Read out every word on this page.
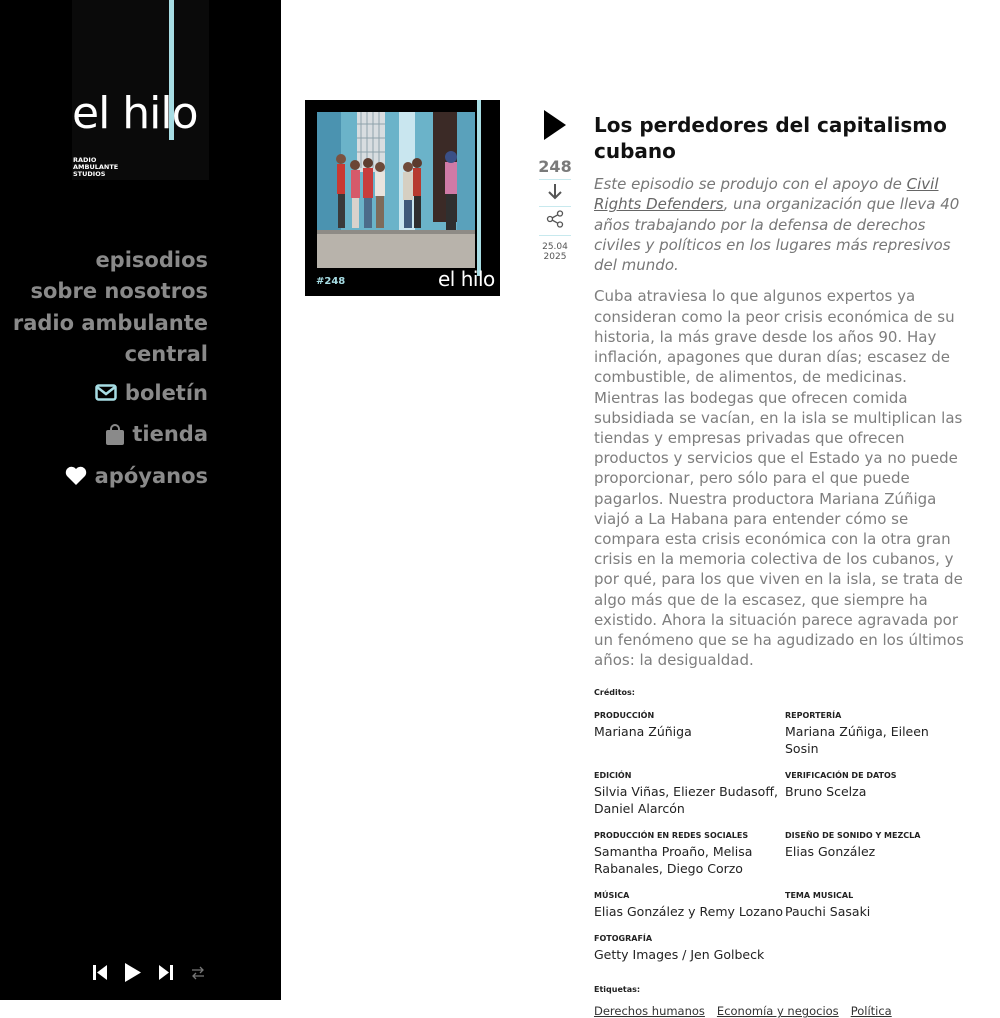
el hilo
RADIO
AMBULANTE
STUDIOS
episodios
sobre nosotros
radio ambulante
central
boletín
tienda
apóyanos
#248	el hilo
248
25.04
2025
Los perdedores del capitalismo cubano

Este episodio se produjo con el apoyo de Civil Rights Defenders, una organización que lleva 40 años trabajando por la defensa de derechos civiles y políticos en los lugares más represivos del mundo.

Cuba atraviesa lo que algunos expertos ya consideran como la peor crisis económica de su historia, la más grave desde los años 90. Hay inflación, apagones que duran días; escasez de combustible, de alimentos, de medicinas. Mientras las bodegas que ofrecen comida subsidiada se vacían, en la isla se multiplican las tiendas y empresas privadas que ofrecen productos y servicios que el Estado ya no puede proporcionar, pero sólo para el que puede pagarlos. Nuestra productora Mariana Zúñiga viajó a La Habana para entender cómo se compara esta crisis económica con la otra gran crisis en la memoria colectiva de los cubanos, y por qué, para los que viven en la isla, se trata de algo más que de la escasez, que siempre ha existido. Ahora la situación parece agravada por un fenómeno que se ha agudizado en los últimos años: la desigualdad.

Créditos:
PRODUCCIÓN
Mariana Zúñiga
REPORTERÍA
Mariana Zúñiga, Eileen Sosin
EDICIÓN
Silvia Viñas, Eliezer Budasoff, Daniel Alarcón
VERIFICACIÓN DE DATOS
Bruno Scelza
PRODUCCIÓN EN REDES SOCIALES
Samantha Proaño, Melisa Rabanales, Diego Corzo
DISEÑO DE SONIDO Y MEZCLA
Elias González
MÚSICA
Elias González y Remy Lozano
TEMA MUSICAL
Pauchi Sasaki
FOTOGRAFÍA
Getty Images / Jen Golbeck
Etiquetas:
Derechos humanos Economía y negocios Política
